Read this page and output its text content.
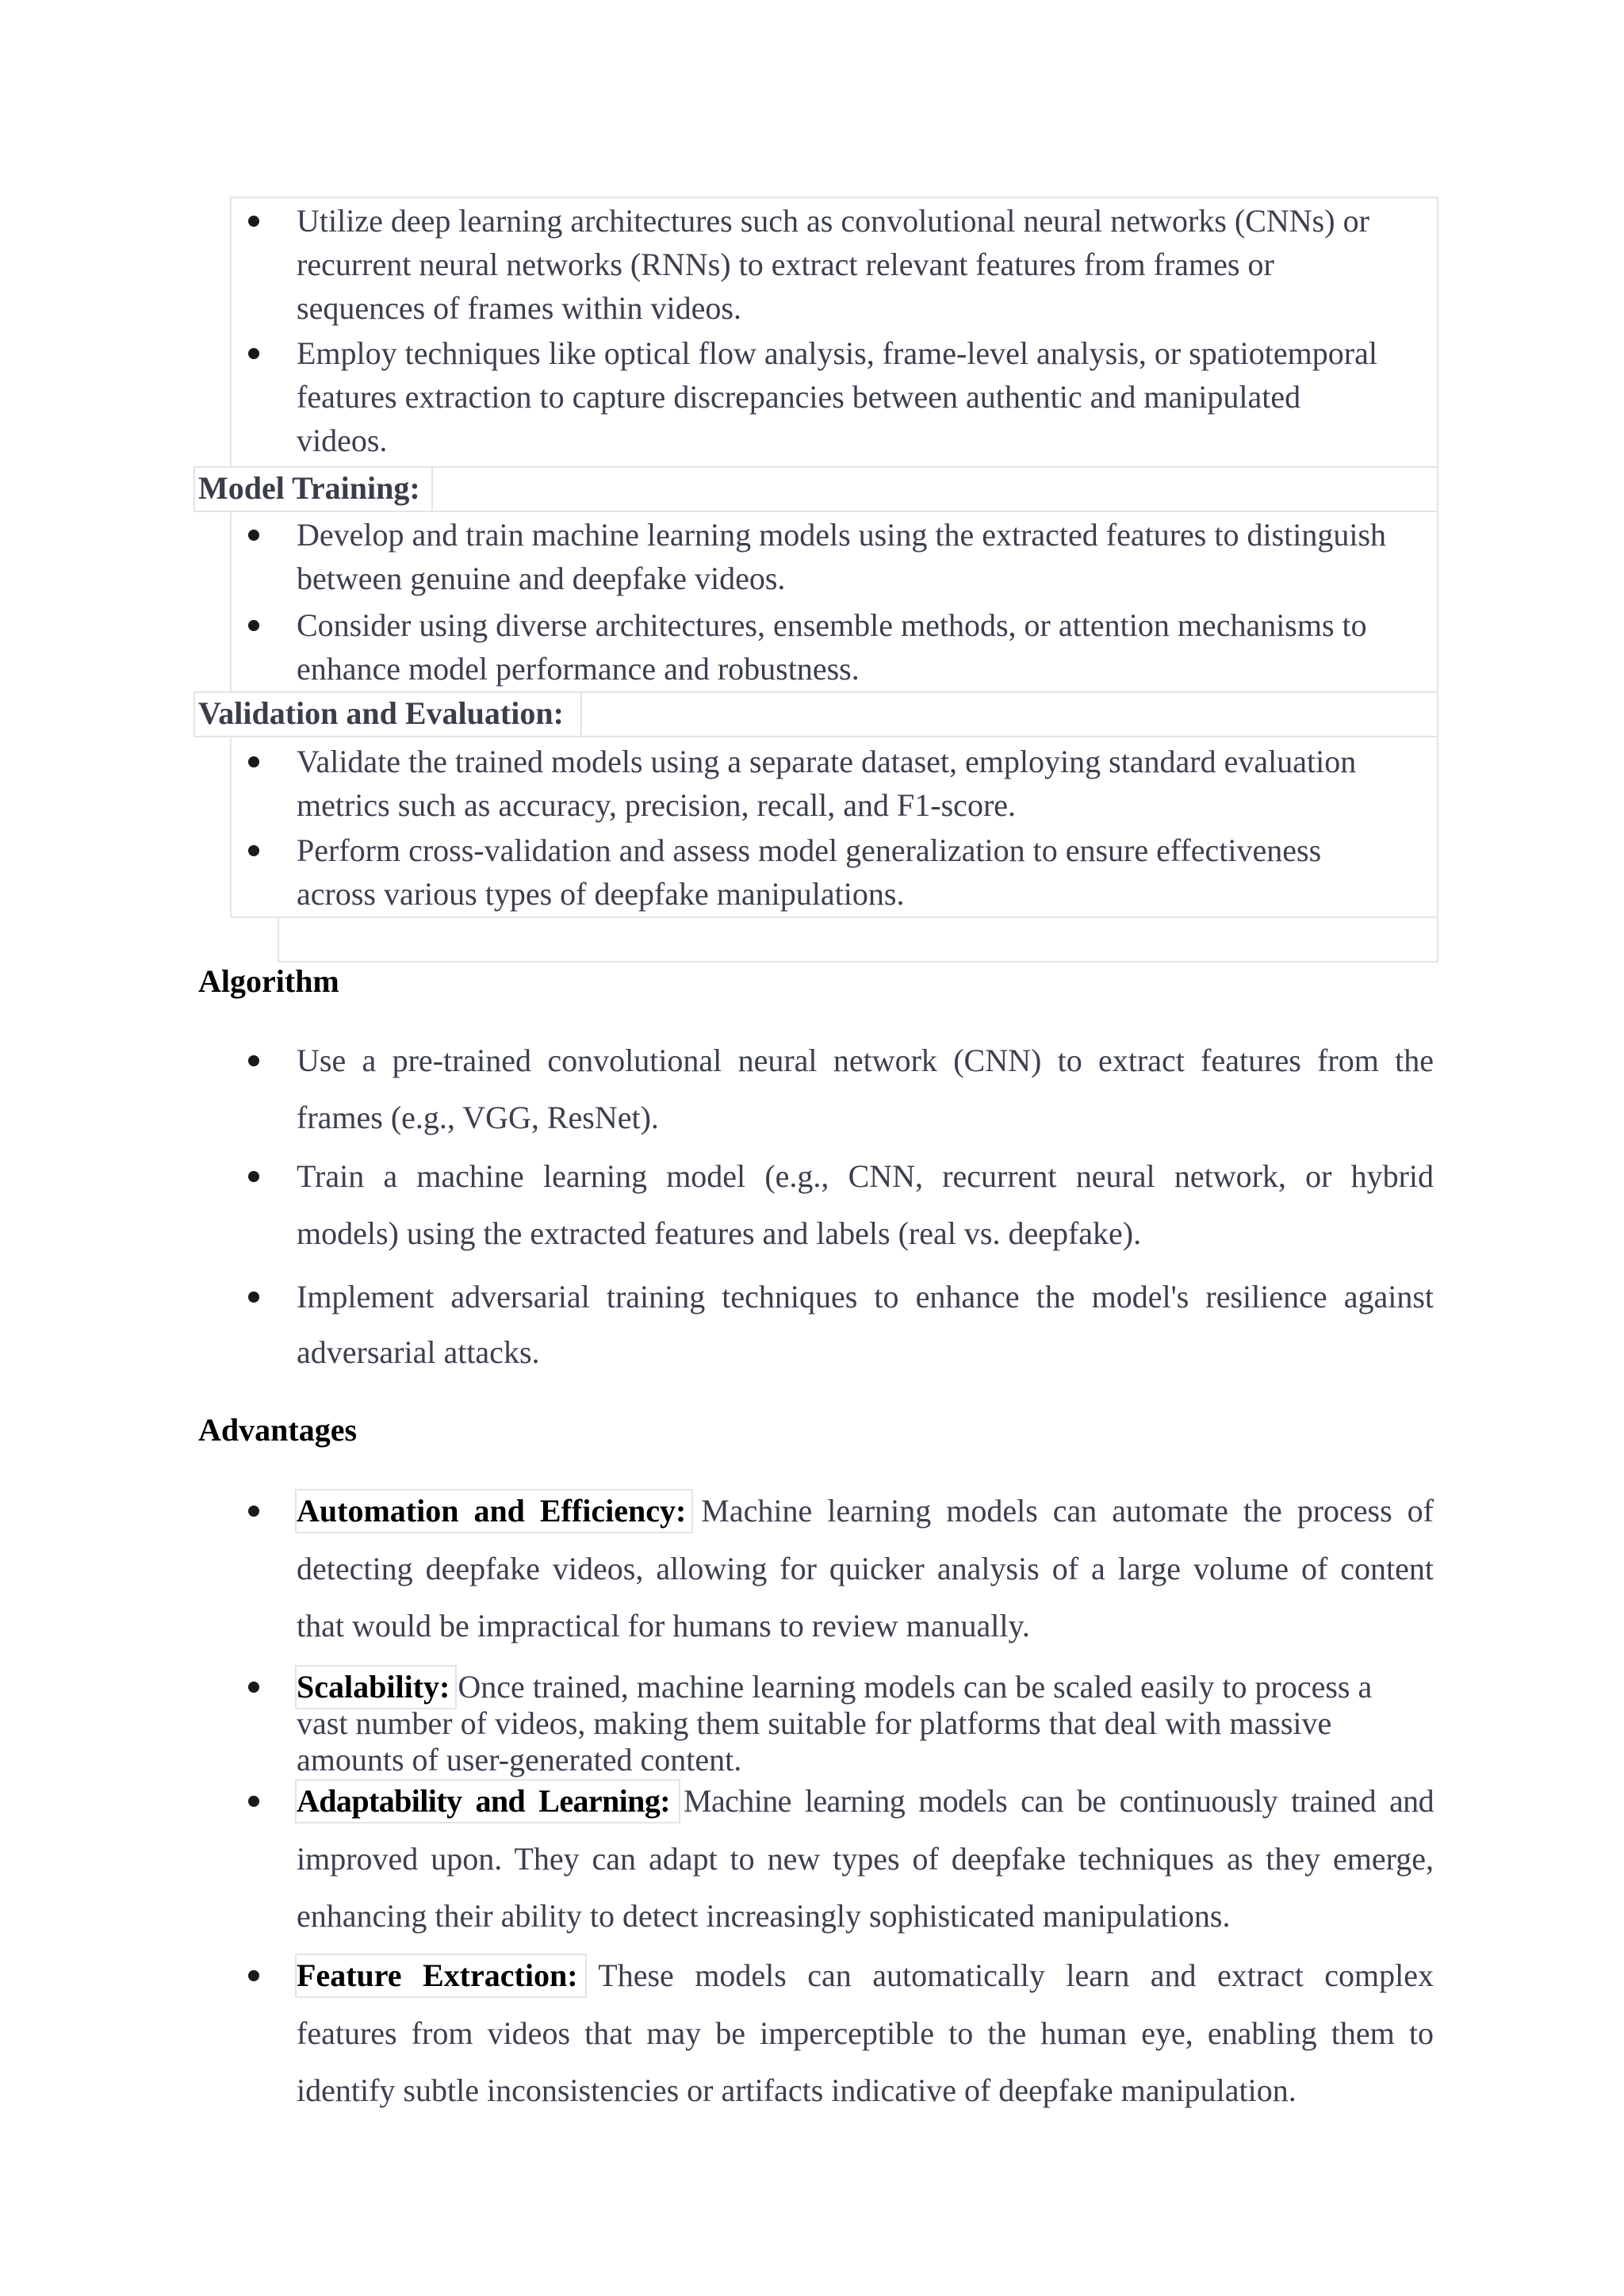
Utilize deep learning architectures such as convolutional neural networks (CNNs) or
recurrent neural networks (RNNs) to extract relevant features from frames or
sequences of frames within videos.
Employ techniques like optical flow analysis, frame-level analysis, or spatiotemporal
features extraction to capture discrepancies between authentic and manipulated
videos.
Model Training:
Develop and train machine learning models using the extracted features to distinguish
between genuine and deepfake videos.
Consider using diverse architectures, ensemble methods, or attention mechanisms to
enhance model performance and robustness.
Validation and Evaluation:
Validate the trained models using a separate dataset, employing standard evaluation
metrics such as accuracy, precision, recall, and F1-score.
Perform cross-validation and assess model generalization to ensure effectiveness
across various types of deepfake manipulations.
Algorithm
Use a pre-trained convolutional neural network (CNN) to extract features from the
frames (e.g., VGG, ResNet).
Train a machine learning model (e.g., CNN, recurrent neural network, or hybrid
models) using the extracted features and labels (real vs. deepfake).
Implement adversarial training techniques to enhance the model's resilience against
adversarial attacks.
Advantages
Automation and Efficiency: Machine learning models can automate the process of
detecting deepfake videos, allowing for quicker analysis of a large volume of content
that would be impractical for humans to review manually.
Scalability: Once trained, machine learning models can be scaled easily to process a
vast number of videos, making them suitable for platforms that deal with massive
amounts of user-generated content.
Adaptability and Learning: Machine learning models can be continuously trained and
improved upon. They can adapt to new types of deepfake techniques as they emerge,
enhancing their ability to detect increasingly sophisticated manipulations.
Feature Extraction: These models can automatically learn and extract complex
features from videos that may be imperceptible to the human eye, enabling them to
identify subtle inconsistencies or artifacts indicative of deepfake manipulation.
